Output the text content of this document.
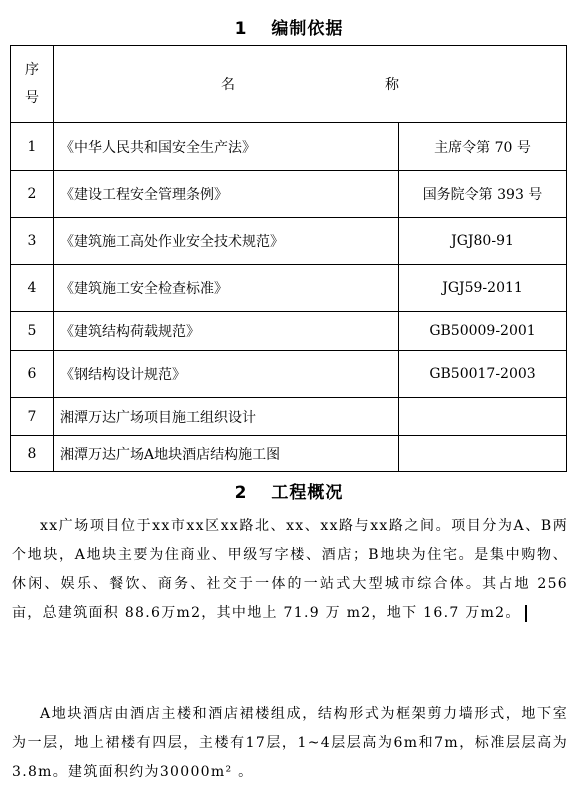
1 编制依据
序号	名 称	
1	《中华人民共和国安全生产法》	主席令第 70 号
2	《建设工程安全管理条例》	国务院令第 393 号
3	《建筑施工高处作业安全技术规范》	JGJ80-91
4	《建筑施工安全检查标准》	JGJ59-2011
5	《建筑结构荷载规范》	GB50009-2001
6	《钢结构设计规范》	GB50017-2003
7	湘潭万达广场项目施工组织设计	
8	湘潭万达广场A地块酒店结构施工图	
2 工程概况
xx广场项目位于xx市xx区xx路北、xx、xx路与xx路之间。项目分为A、B两个地块，A地块主要为住商业、甲级写字楼、酒店；B地块为住宅。是集中购物、休闲、娱乐、餐饮、商务、社交于一体的一站式大型城市综合体。其占地 256亩，总建筑面积 88.6万m2，其中地上 71.9 万 m2，地下 16.7 万m2。
A地块酒店由酒店主楼和酒店裙楼组成，结构形式为框架剪力墙形式，地下室为一层，地上裙楼有四层，主楼有17层，1~4层层高为6m和7m，标准层层高为3.8m。建筑面积约为30000m² 。
